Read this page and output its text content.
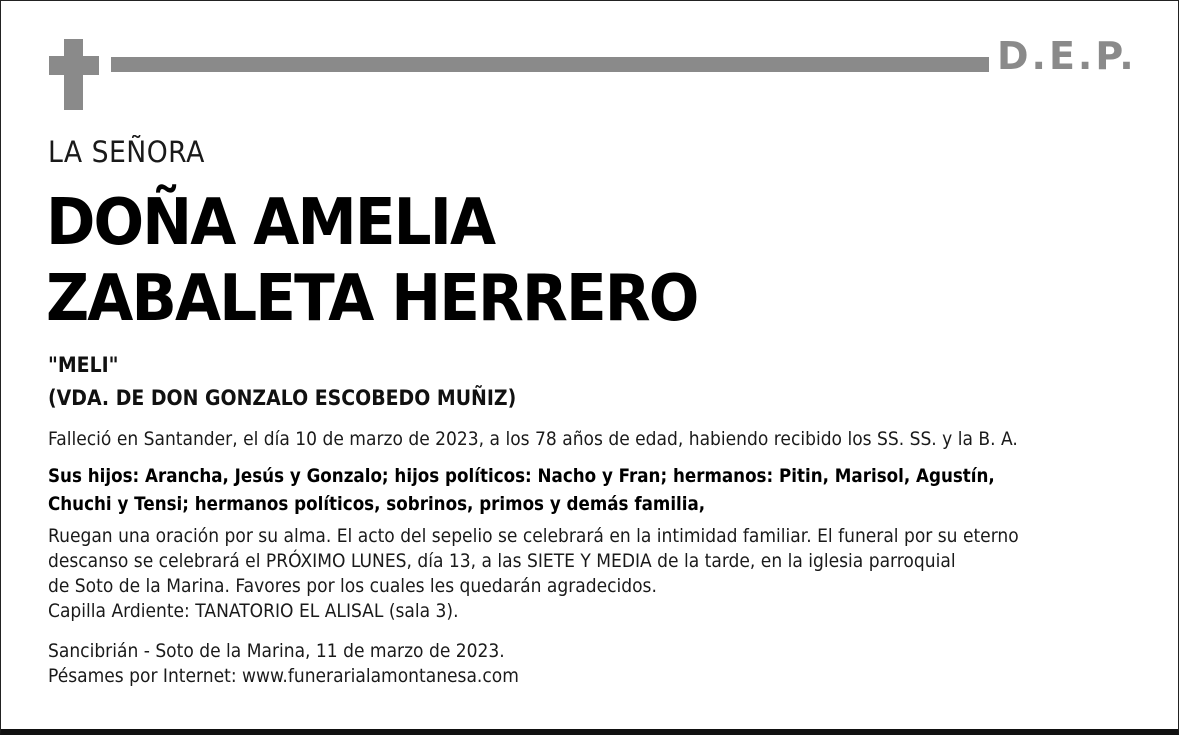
D.E.P.
LA SEÑORA
DOÑA AMELIA
ZABALETA HERRERO
"MELI"
(VDA. DE DON GONZALO ESCOBEDO MUÑIZ)
Falleció en Santander, el día 10 de marzo de 2023, a los 78 años de edad, habiendo recibido los SS. SS. y la B. A.
Sus hijos: Arancha, Jesús y Gonzalo; hijos políticos: Nacho y Fran; hermanos: Pitin, Marisol, Agustín,
Chuchi y Tensi; hermanos políticos, sobrinos, primos y demás familia,
Ruegan una oración por su alma. El acto del sepelio se celebrará en la intimidad familiar. El funeral por su eterno
descanso se celebrará el PRÓXIMO LUNES, día 13, a las SIETE Y MEDIA de la tarde, en la iglesia parroquial
de Soto de la Marina. Favores por los cuales les quedarán agradecidos.
Capilla Ardiente: TANATORIO EL ALISAL (sala 3).
Sancibrián - Soto de la Marina, 11 de marzo de 2023.
Pésames por Internet: www.funerarialamontanesa.com
